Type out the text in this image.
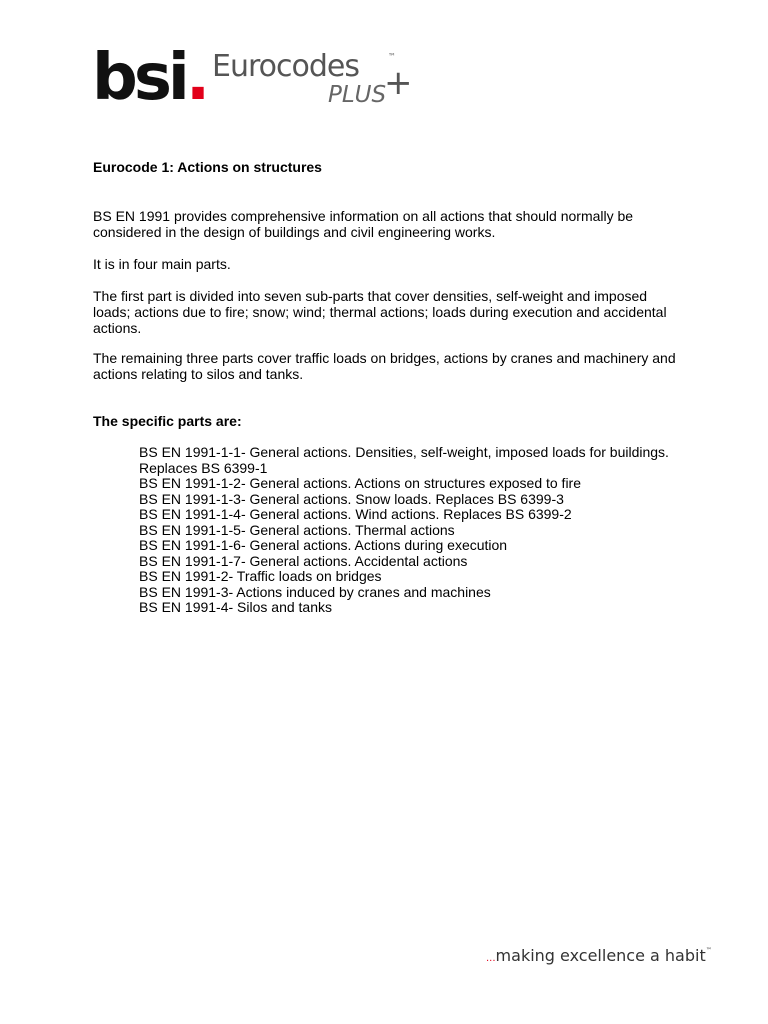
bsi. Eurocodes	™
PLUS
+

Eurocode 1: Actions on structures

BS EN 1991 provides comprehensive information on all actions that should normally be considered in the design of buildings and civil engineering works.

It is in four main parts.

The first part is divided into seven sub-parts that cover densities, self-weight and imposed loads; actions due to fire; snow; wind; thermal actions; loads during execution and accidental actions.

The remaining three parts cover traffic loads on bridges, actions by cranes and machinery and actions relating to silos and tanks.

The specific parts are:

BS EN 1991-1-1- General actions. Densities, self-weight, imposed loads for buildings. Replaces BS 6399-1
BS EN 1991-1-2- General actions. Actions on structures exposed to fire
BS EN 1991-1-3- General actions. Snow loads. Replaces BS 6399-3
BS EN 1991-1-4- General actions. Wind actions. Replaces BS 6399-2
BS EN 1991-1-5- General actions. Thermal actions
BS EN 1991-1-6- General actions. Actions during execution
BS EN 1991-1-7- General actions. Accidental actions
BS EN 1991-2- Traffic loads on bridges
BS EN 1991-3- Actions induced by cranes and machines
BS EN 1991-4- Silos and tanks
...making excellence a habit™
